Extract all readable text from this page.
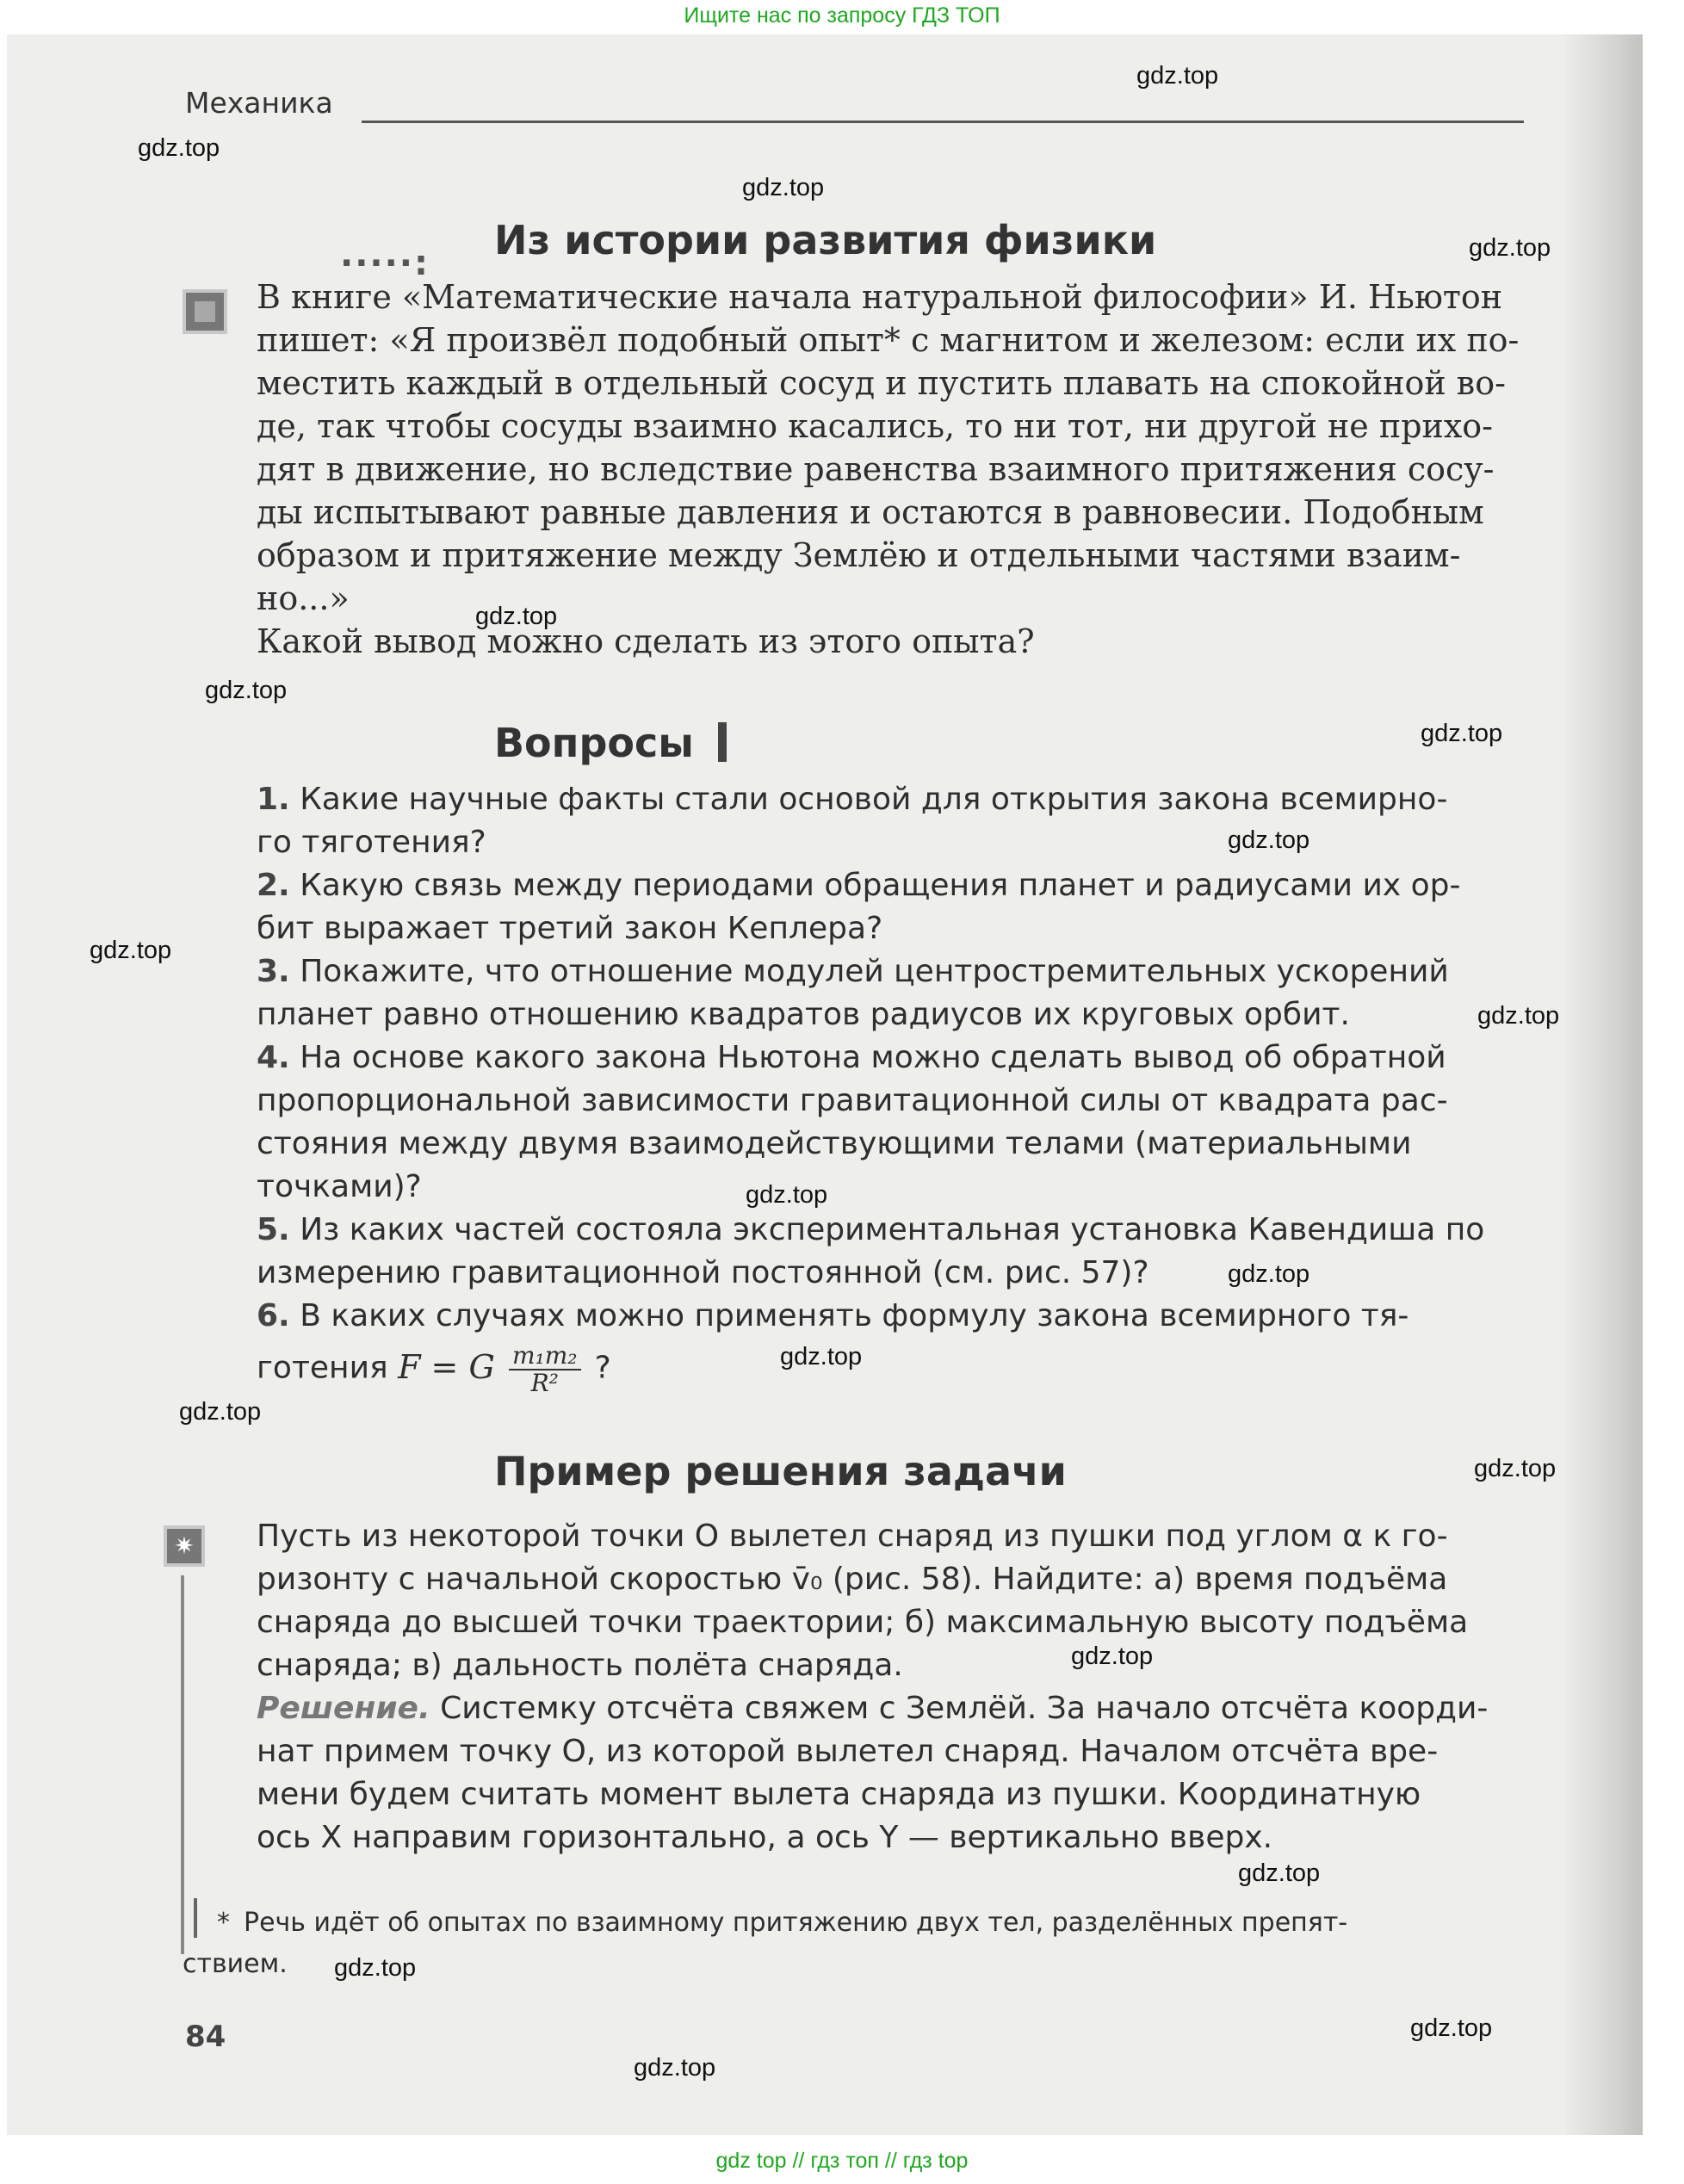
Ищите нас по запросу ГДЗ ТОП
Механика
gdz.top
gdz.top
gdz.top
gdz.top
gdz.top
gdz.top
gdz.top
gdz.top
gdz.top
gdz.top
gdz.top
gdz.top
gdz.top
gdz.top
gdz.top
gdz.top
gdz.top
gdz.top
gdz.top
gdz.top
·····: Из истории развития физики

В книге «Математические начала натуральной философии» И. Ньютон

пишет: «Я произвёл подобный опыт* с магнитом и железом: если их по-

местить каждый в отдельный сосуд и пустить плавать на спокойной во-

де, так чтобы сосуды взаимно касались, то ни тот, ни другой не прихо-

дят в движение, но вследствие равенства взаимного притяжения сосу-

ды испытывают равные давления и остаются в равновесии. Подобным

образом и притяжение между Землёю и отдельными частями взаим-

но...»

Какой вывод можно сделать из этого опыта?

Вопросы
1. Какие научные факты стали основой для открытия закона всемирно-
го тяготения?
2. Какую связь между периодами обращения планет и радиусами их ор-
бит выражает третий закон Кеплера?
3. Покажите, что отношение модулей центростремительных ускорений
планет равно отношению квадратов радиусов их круговых орбит.
4. На основе какого закона Ньютона можно сделать вывод об обратной
пропорциональной зависимости гравитационной силы от квадрата рас-
стояния между двумя взаимодействующими телами (материальными
точками)?
5. Из каких частей состояла экспериментальная установка Кавендиша по
измерению гравитационной постоянной (см. рис. 57)?
6. В каких случаях можно применять формулу закона всемирного тя-
готения F = G $\frac{\text{m₁m₂}}{\text{R²}}$ ?
Пример решения задачи
✷	Пусть из некоторой точки O вылетел снаряд из пушки под углом α к го-

ризонту с начальной скоростью v̄₀ (рис. 58). Найдите: а) время подъёма

снаряда до высшей точки траектории; б) максимальную высоту подъёма

снаряда; в) дальность полёта снаряда.

Решение. Системку отсчёта свяжем с Землёй. За начало отсчёта коорди-

нат примем точку O, из которой вылетел снаряд. Началом отсчёта вре-

мени будем считать момент вылета снаряда из пушки. Координатную

ось X направим горизонтально, а ось Y — вертикально вверх.

* Речь идёт об опытах по взаимному притяжению двух тел, разделённых препят-
ствием.
84
gdz top // гдз топ // гдз top
